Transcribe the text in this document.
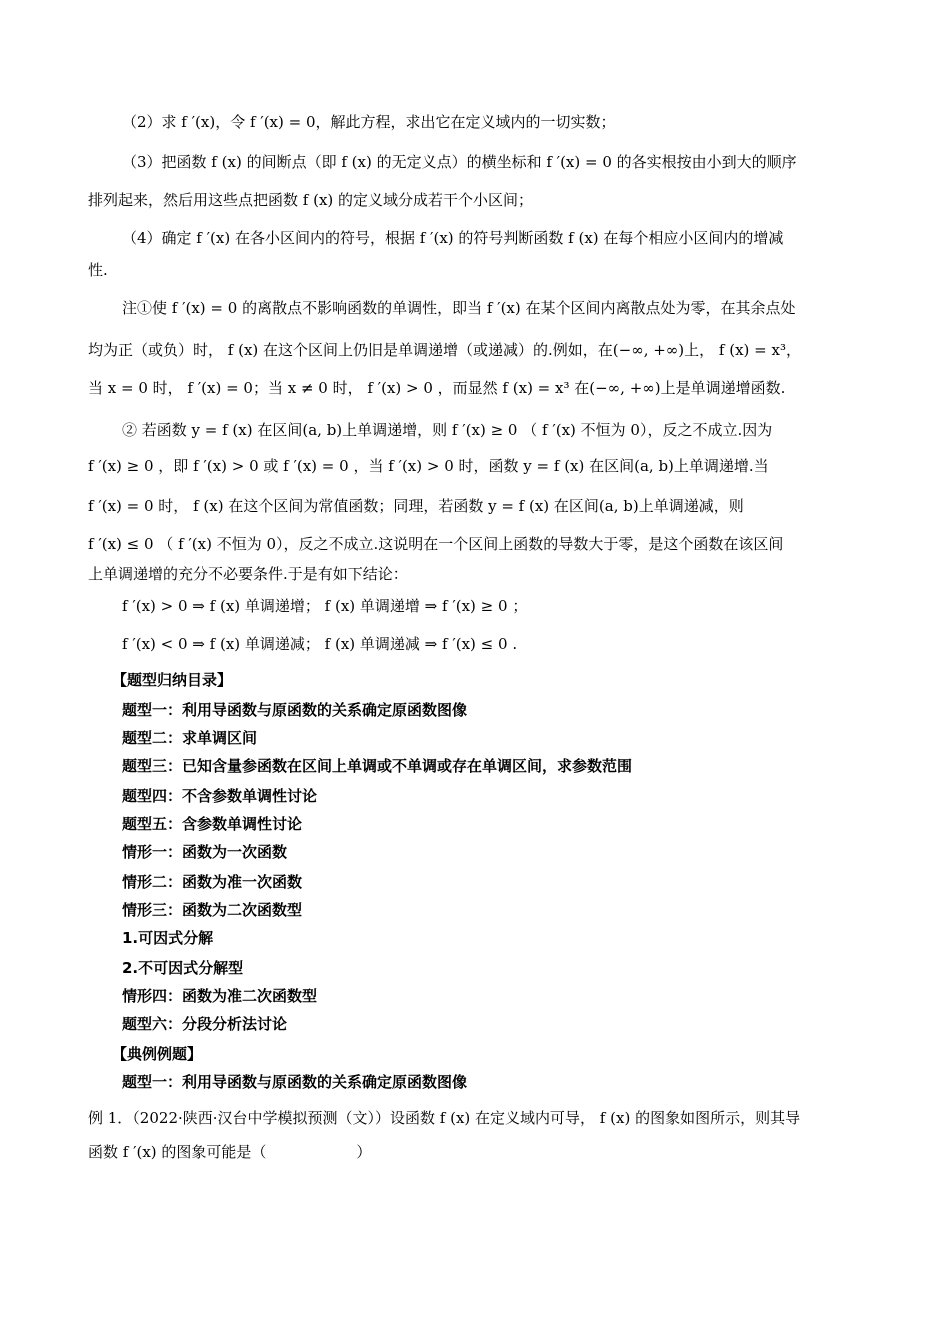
（2）求 f ′(x)，令 f ′(x) = 0，解此方程，求出它在定义域内的一切实数；
（3）把函数 f (x) 的间断点（即 f (x) 的无定义点）的横坐标和 f ′(x) = 0 的各实根按由小到大的顺序
排列起来，然后用这些点把函数 f (x) 的定义域分成若干个小区间；
（4）确定 f ′(x) 在各小区间内的符号，根据 f ′(x) 的符号判断函数 f (x) 在每个相应小区间内的增减
性.
注①使 f ′(x) = 0 的离散点不影响函数的单调性，即当 f ′(x) 在某个区间内离散点处为零，在其余点处
均为正（或负）时， f (x) 在这个区间上仍旧是单调递增（或递减）的.例如，在(−∞, +∞)上， f (x) = x³，
当 x = 0 时， f ′(x) = 0；当 x ≠ 0 时， f ′(x) > 0 ，而显然 f (x) = x³ 在(−∞, +∞)上是单调递增函数.
② 若函数 y = f (x) 在区间(a, b)上单调递增，则 f ′(x) ≥ 0 （ f ′(x) 不恒为 0），反之不成立.因为
f ′(x) ≥ 0 ，即 f ′(x) > 0 或 f ′(x) = 0 ，当 f ′(x) > 0 时，函数 y = f (x) 在区间(a, b)上单调递增.当
f ′(x) = 0 时， f (x) 在这个区间为常值函数；同理，若函数 y = f (x) 在区间(a, b)上单调递减，则
f ′(x) ≤ 0 （ f ′(x) 不恒为 0），反之不成立.这说明在一个区间上函数的导数大于零，是这个函数在该区间
上单调递增的充分不必要条件.于是有如下结论：
f ′(x) > 0 ⇒ f (x) 单调递增； f (x) 单调递增 ⇒ f ′(x) ≥ 0 ；
f ′(x) < 0 ⇒ f (x) 单调递减； f (x) 单调递减 ⇒ f ′(x) ≤ 0 .
【题型归纳目录】
题型一：利用导函数与原函数的关系确定原函数图像
题型二：求单调区间
题型三：已知含量参函数在区间上单调或不单调或存在单调区间，求参数范围
题型四：不含参数单调性讨论
题型五：含参数单调性讨论
情形一：函数为一次函数
情形二：函数为准一次函数
情形三：函数为二次函数型
1.可因式分解
2.不可因式分解型
情形四：函数为准二次函数型
题型六：分段分析法讨论
【典例例题】
题型一：利用导函数与原函数的关系确定原函数图像
例 1．（2022·陕西·汉台中学模拟预测（文））设函数 f (x) 在定义域内可导， f (x) 的图象如图所示，则其导
函数 f ′(x) 的图象可能是（　　　　　　）
